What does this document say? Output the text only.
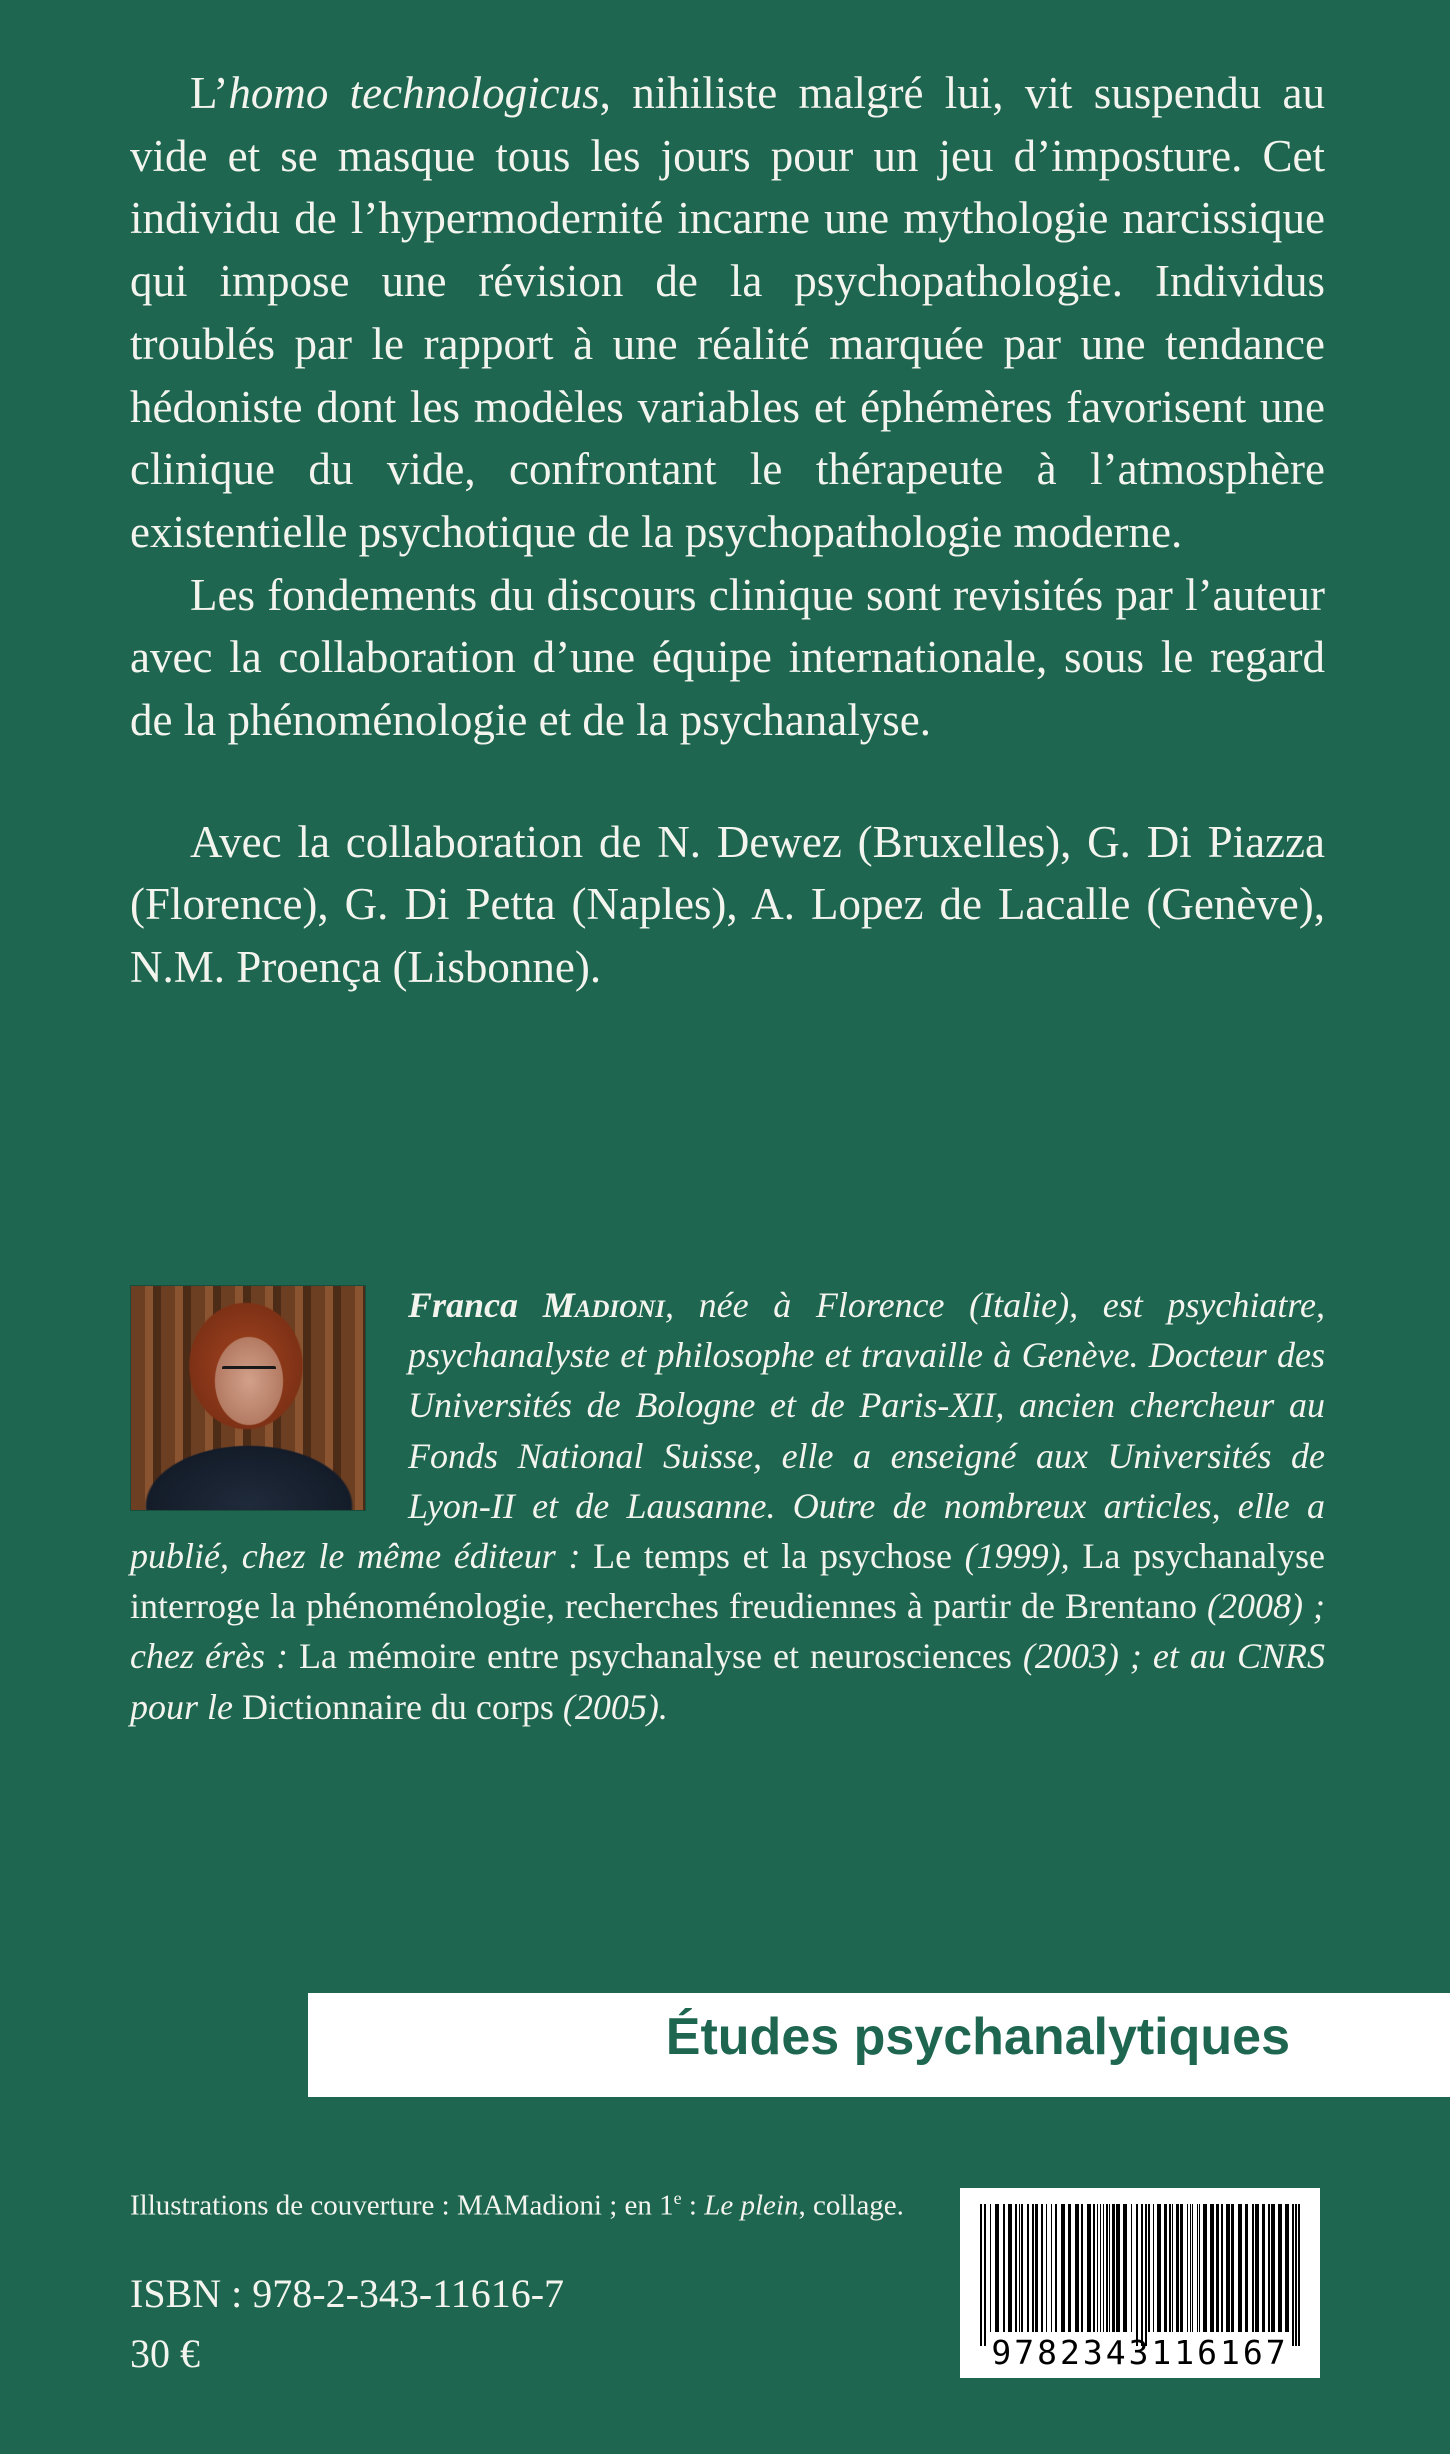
L’homo technologicus, nihiliste malgré lui, vit suspendu au vide et se masque tous les jours pour un jeu d’imposture. Cet individu de l’hypermodernité incarne une mythologie narcissique qui impose une révision de la psychopathologie. Individus troublés par le rapport à une réalité marquée par une tendance hédoniste dont les modèles variables et éphémères favorisent une clinique du vide, confrontant le thérapeute à l’atmosphère existentielle psychotique de la psychopathologie moderne.

Les fondements du discours clinique sont revisités par l’auteur avec la collaboration d’une équipe internationale, sous le regard de la phénoménologie et de la psychanalyse.

Avec la collaboration de N. Dewez (Bruxelles), G. Di Piazza (Florence), G. Di Petta (Naples), A. Lopez de Lacalle (Genève), N.M. Proença (Lisbonne).

Franca Madioni, née à Florence (Italie), est psychiatre, psychanalyste et philosophe et travaille à Genève. Docteur des Universités de Bologne et de Paris-XII, ancien chercheur au Fonds National Suisse, elle a enseigné aux Universités de Lyon-II et de Lausanne. Outre de nombreux articles, elle a publié, chez le même éditeur : Le temps et la psychose (1999), La psychanalyse interroge la phénoménologie, recherches freudiennes à partir de Brentano (2008) ; chez érès : La mémoire entre psychanalyse et neurosciences (2003) ; et au CNRS pour le Dictionnaire du corps (2005).

Études psychanalytiques
Illustrations de couverture : MAMadioni ; en 1e : Le plein, collage.
ISBN : 978-2-343-11616-7
30 €	9782343116167
